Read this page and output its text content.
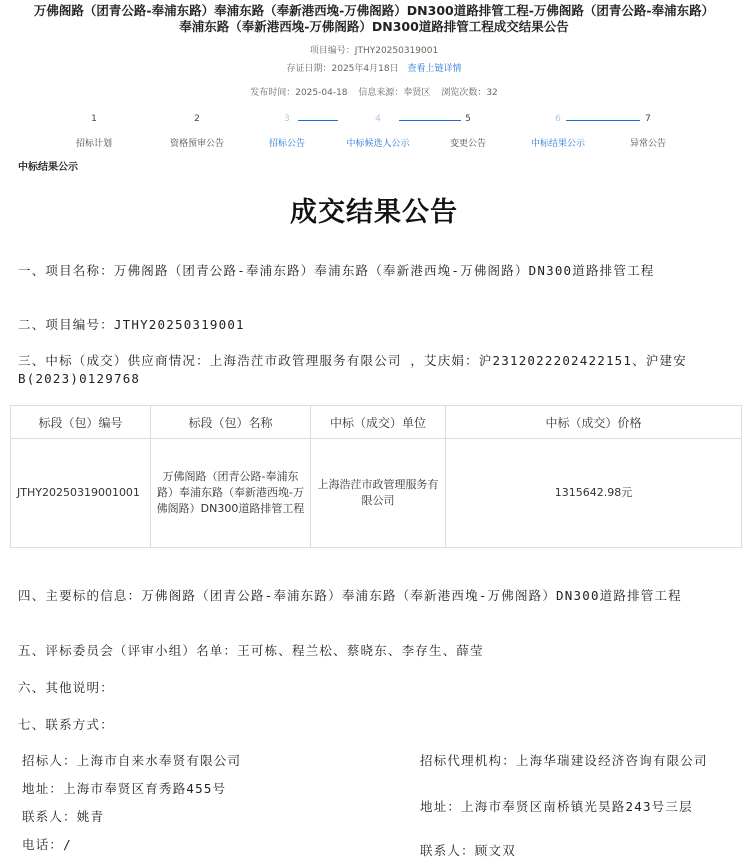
万佛阁路（团青公路-奉浦东路）奉浦东路（奉新港西堍-万佛阁路）DN300道路排管工程-万佛阁路（团青公路-奉浦东路）奉浦东路（奉新港西堍-万佛阁路）DN300道路排管工程成交结果公告
项目编号：JTHY20250319001
存证日期：2025年4月18日 查看上链详情
发布时间：2025-04-18 信息来源：奉贤区 浏览次数：32
1
招标计划
2
资格预审公告
3
招标公告
4
中标候选人公示
5
变更公告
6
中标结果公示
7
异常公告
中标结果公示
成交结果公告
一、项目名称：万佛阁路（团青公路-奉浦东路）奉浦东路（奉新港西堍-万佛阁路）DN300道路排管工程
二、项目编号：JTHY20250319001
三、中标（成交）供应商情况：上海浩茳市政管理服务有限公司 ，艾庆娟：沪2312022202422151、沪建安B(2023)0129768
标段（包）编号	标段（包）名称	中标（成交）单位	中标（成交）价格
JTHY20250319001001	万佛阁路（团青公路-奉浦东路）奉浦东路（奉新港西堍-万佛阁路）DN300道路排管工程	上海浩茳市政管理服务有限公司	1315642.98元
四、主要标的信息：万佛阁路（团青公路-奉浦东路）奉浦东路（奉新港西堍-万佛阁路）DN300道路排管工程
五、评标委员会（评审小组）名单：王可栋、程兰松、蔡晓东、李存生、薛莹
六、其他说明：
七、联系方式：
招标人：上海市自来水奉贤有限公司
地址：上海市奉贤区育秀路455号
联系人：姚青
电话：/
招标代理机构：上海华瑞建设经济咨询有限公司
地址：上海市奉贤区南桥镇光昊路243号三层
联系人：顾文双
